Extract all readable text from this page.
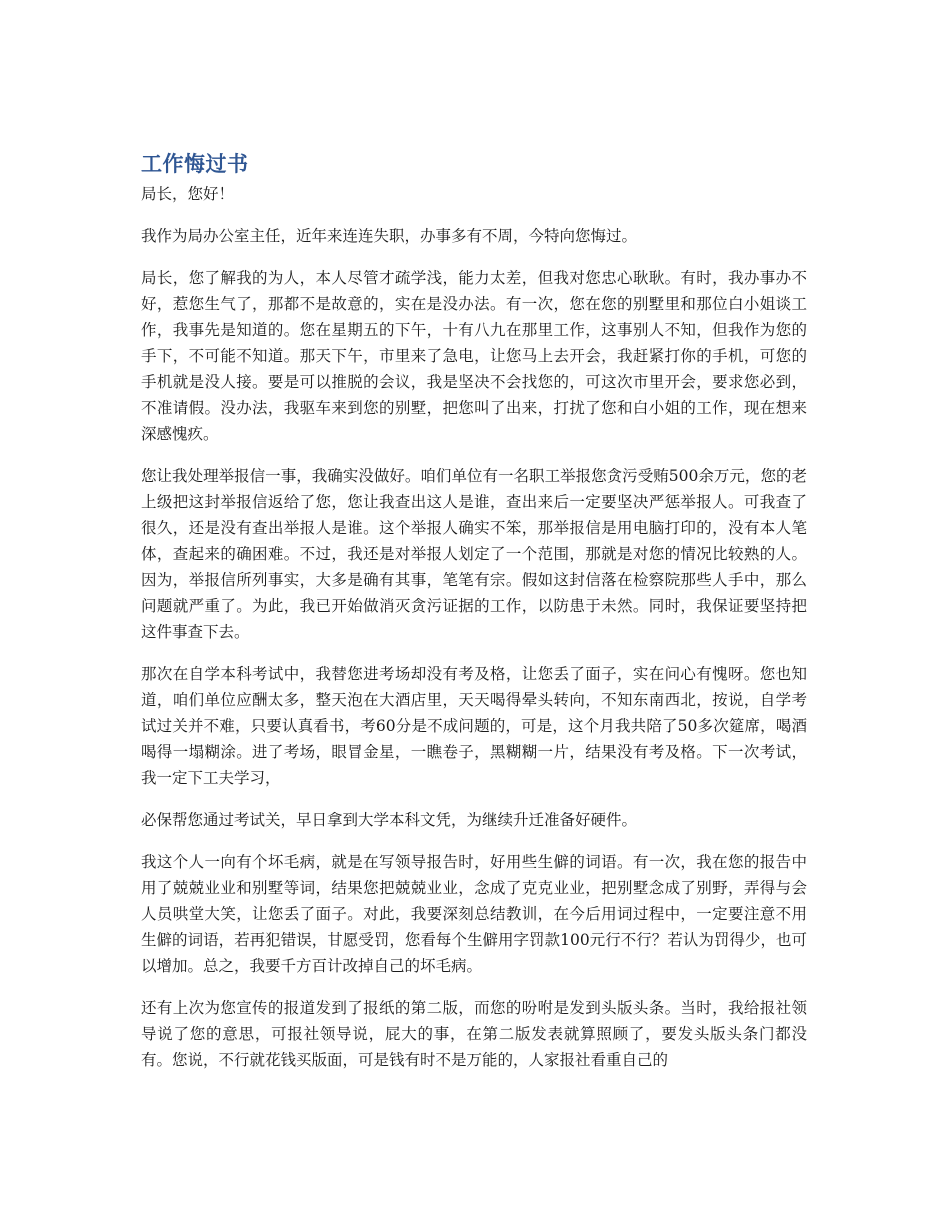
工作悔过书

局长，您好！

我作为局办公室主任，近年来连连失职，办事多有不周，今特向您悔过。

局长，您了解我的为人，本人尽管才疏学浅，能力太差，但我对您忠心耿耿。有时，我办事办不好，惹您生气了，那都不是故意的，实在是没办法。有一次，您在您的别墅里和那位白小姐谈工作，我事先是知道的。您在星期五的下午，十有八九在那里工作，这事别人不知，但我作为您的手下，不可能不知道。那天下午，市里来了急电，让您马上去开会，我赶紧打你的手机，可您的手机就是没人接。要是可以推脱的会议，我是坚决不会找您的，可这次市里开会，要求您必到，不准请假。没办法，我驱车来到您的别墅，把您叫了出来，打扰了您和白小姐的工作，现在想来深感愧疚。

您让我处理举报信一事，我确实没做好。咱们单位有一名职工举报您贪污受贿500余万元，您的老上级把这封举报信返给了您，您让我查出这人是谁，查出来后一定要坚决严惩举报人。可我查了很久，还是没有查出举报人是谁。这个举报人确实不笨，那举报信是用电脑打印的，没有本人笔体，查起来的确困难。不过，我还是对举报人划定了一个范围，那就是对您的情况比较熟的人。因为，举报信所列事实，大多是确有其事，笔笔有宗。假如这封信落在检察院那些人手中，那么问题就严重了。为此，我已开始做消灭贪污证据的工作，以防患于未然。同时，我保证要坚持把这件事查下去。

那次在自学本科考试中，我替您进考场却没有考及格，让您丢了面子，实在问心有愧呀。您也知道，咱们单位应酬太多，整天泡在大酒店里，天天喝得晕头转向，不知东南西北，按说，自学考试过关并不难，只要认真看书，考60分是不成问题的，可是，这个月我共陪了50多次筵席，喝酒喝得一塌糊涂。进了考场，眼冒金星，一瞧卷子，黑糊糊一片，结果没有考及格。下一次考试，我一定下工夫学习，

必保帮您通过考试关，早日拿到大学本科文凭，为继续升迁准备好硬件。

我这个人一向有个坏毛病，就是在写领导报告时，好用些生僻的词语。有一次，我在您的报告中用了兢兢业业和别墅等词，结果您把兢兢业业，念成了克克业业，把别墅念成了别野，弄得与会人员哄堂大笑，让您丢了面子。对此，我要深刻总结教训，在今后用词过程中，一定要注意不用生僻的词语，若再犯错误，甘愿受罚，您看每个生僻用字罚款100元行不行？若认为罚得少，也可以增加。总之，我要千方百计改掉自己的坏毛病。

还有上次为您宣传的报道发到了报纸的第二版，而您的吩咐是发到头版头条。当时，我给报社领导说了您的意思，可报社领导说，屁大的事，在第二版发表就算照顾了，要发头版头条门都没有。您说，不行就花钱买版面，可是钱有时不是万能的，人家报社看重自己的
